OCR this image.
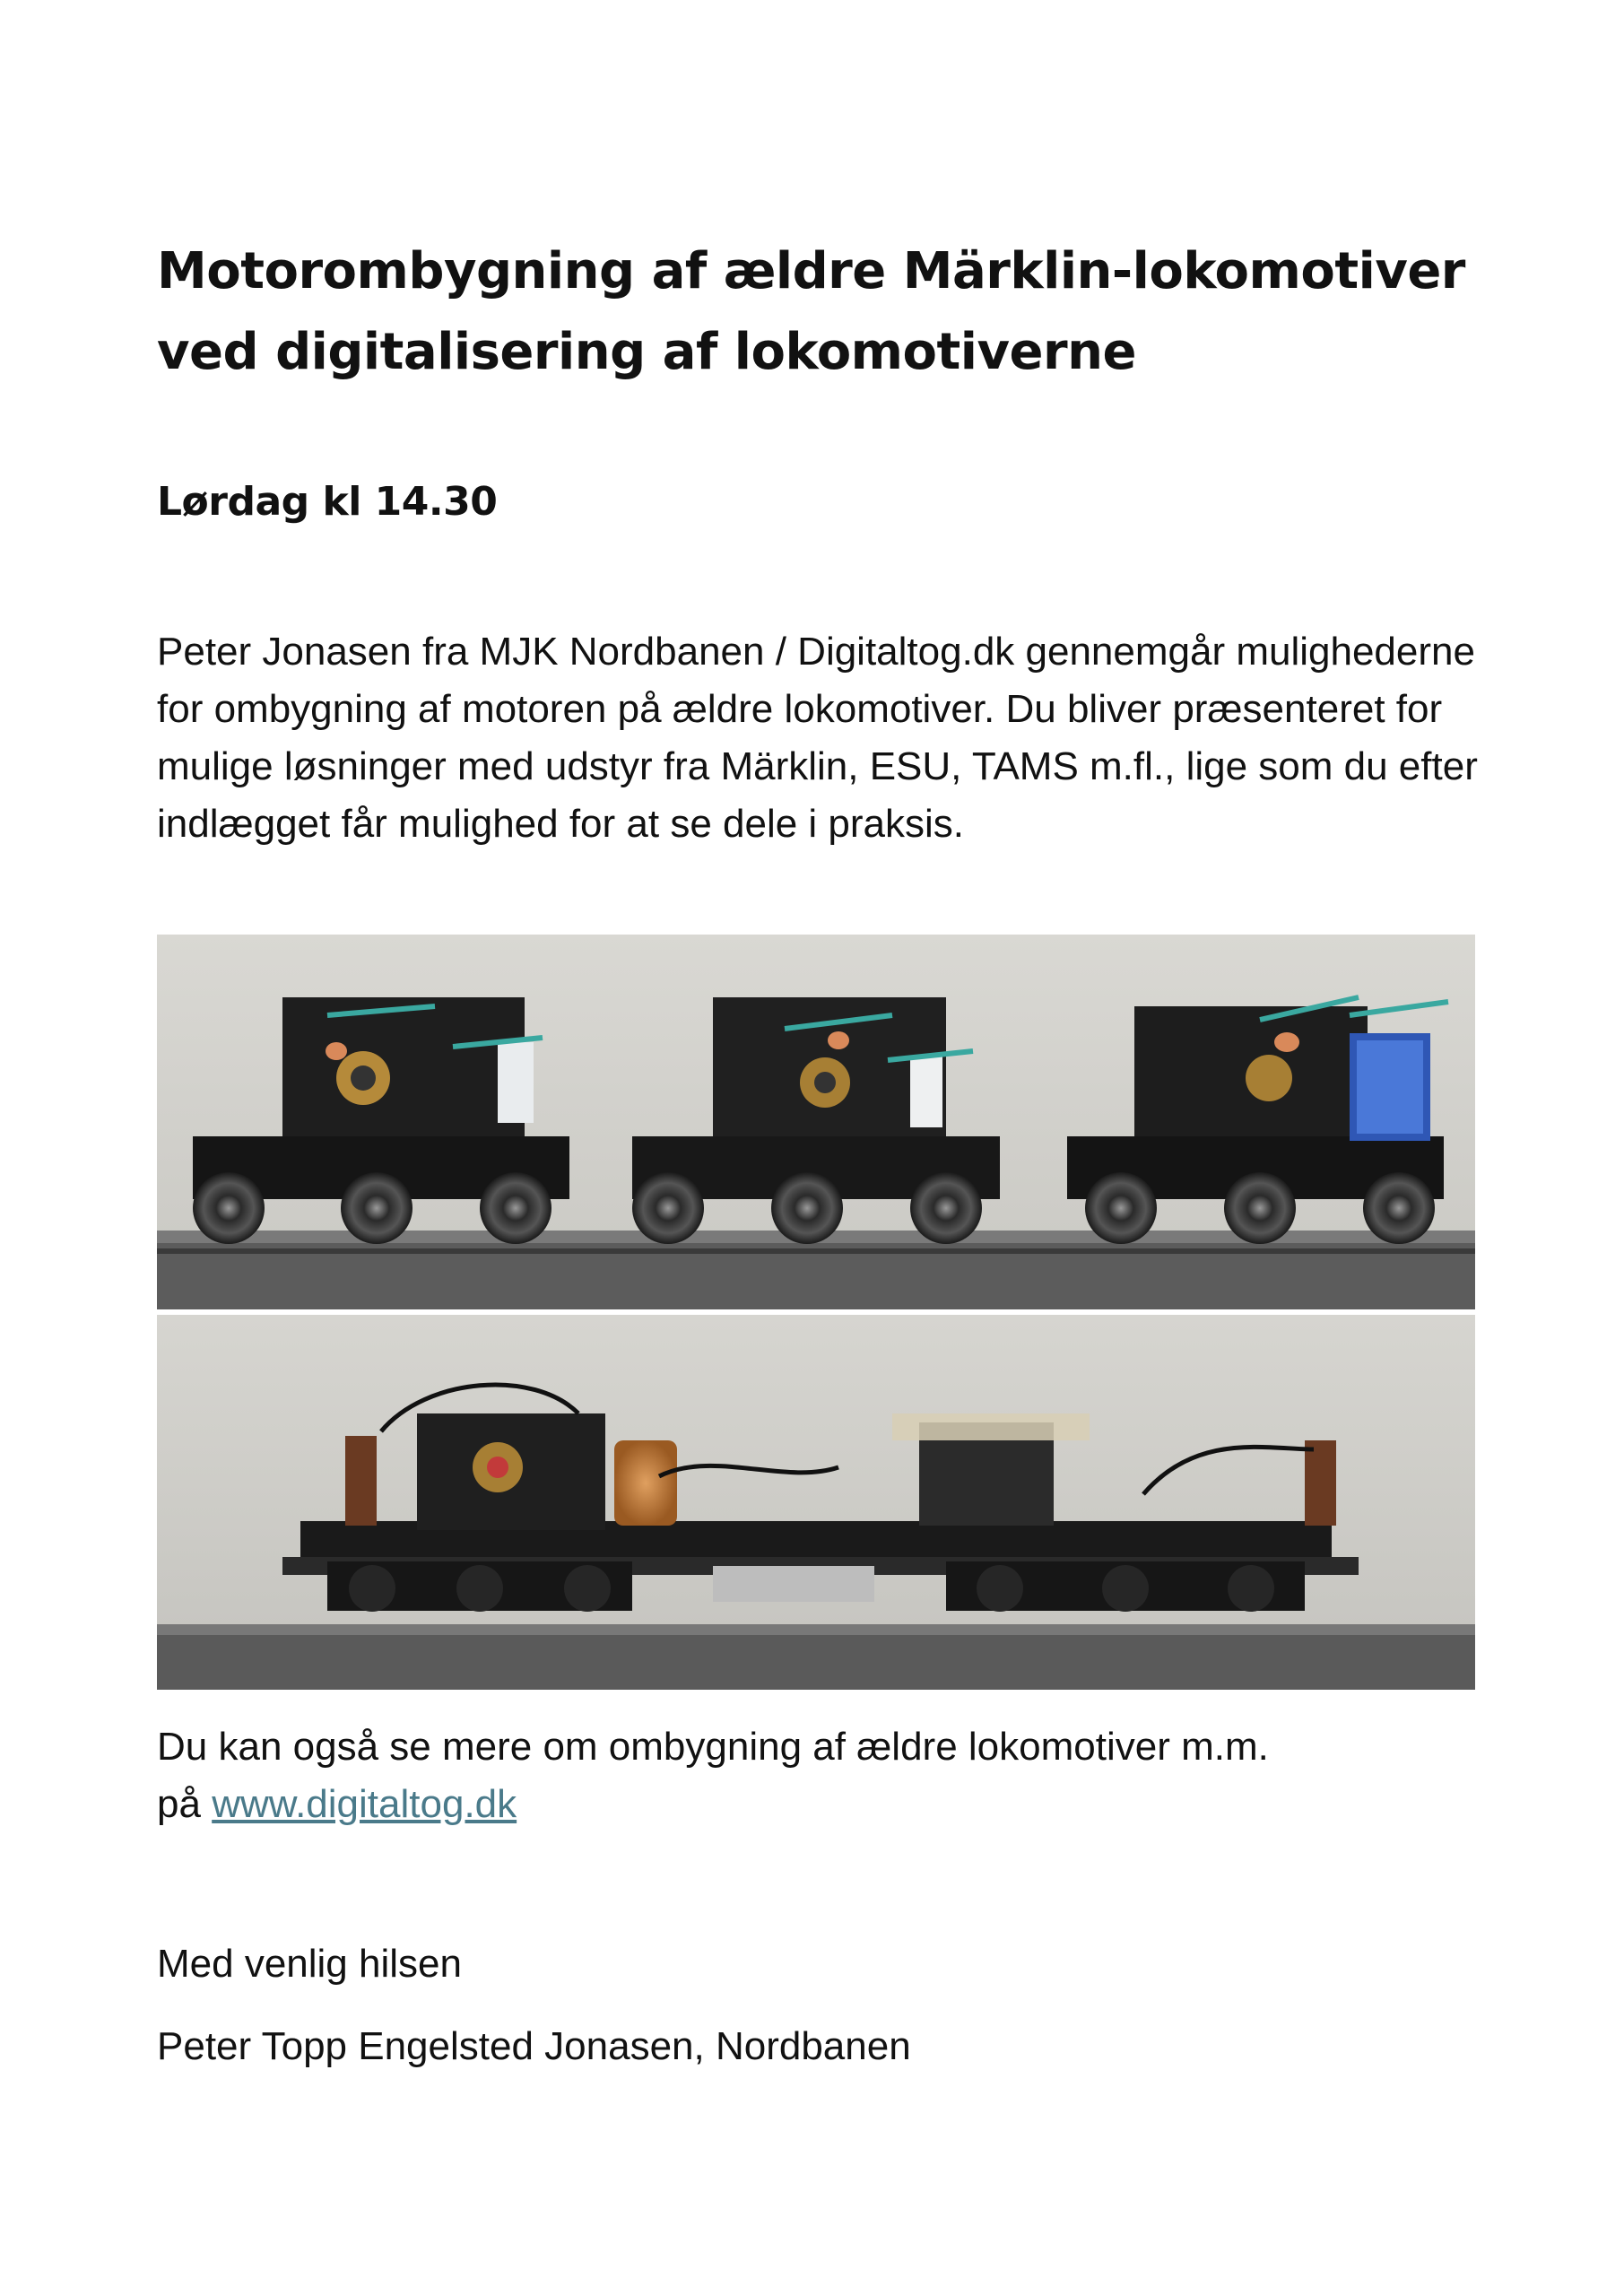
Motorombygning af ældre Märklin-lokomotiver ved digitalisering af lokomotiverne
Lørdag kl 14.30

Peter Jonasen fra MJK Nordbanen / Digitaltog.dk gennemgår mulighederne for ombygning af motoren på ældre lokomotiver. Du bliver præsenteret for mulige løsninger med udstyr fra Märklin, ESU, TAMS m.fl., lige som du efter indlægget får mulighed for at se dele i praksis.

Du kan også se mere om ombygning af ældre lokomotiver m.m.
på www.digitaltog.dk

Med venlig hilsen

Peter Topp Engelsted Jonasen, Nordbanen
